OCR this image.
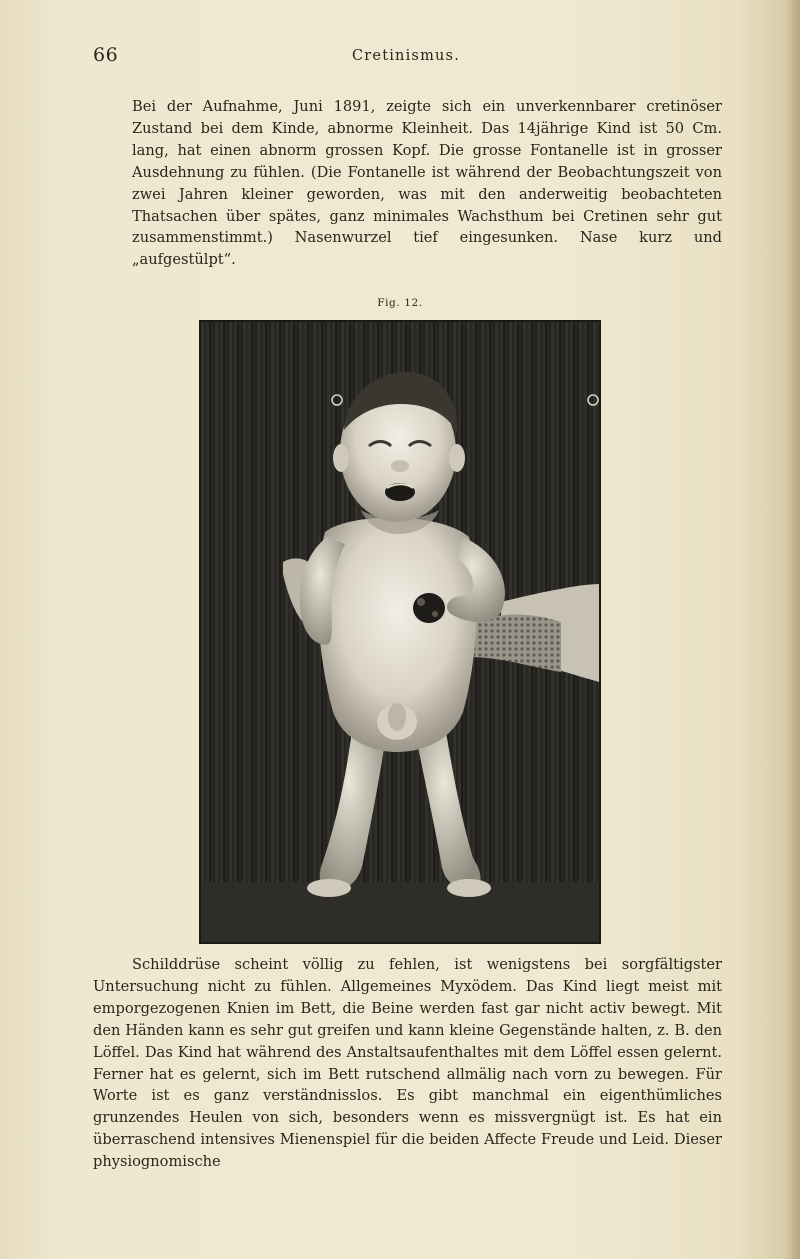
66	Cretinismus.

Bei der Aufnahme, Juni 1891, zeigte sich ein unverkennbarer cretinöser Zustand bei dem Kinde, abnorme Kleinheit. Das 14jährige Kind ist 50 Cm. lang, hat einen abnorm grossen Kopf. Die grosse Fontanelle ist in grosser Ausdehnung zu fühlen. (Die Fontanelle ist während der Beobachtungszeit von zwei Jahren kleiner geworden, was mit den anderweitig beobachteten Thatsachen über spätes, ganz minimales Wachsthum bei Cretinen sehr gut zusammenstimmt.) Nasenwurzel tief eingesunken. Nase kurz und „aufgestülpt“.

Fig. 12.

Schilddrüse scheint völlig zu fehlen, ist wenigstens bei sorgfältigster Untersuchung nicht zu fühlen. Allgemeines Myxödem. Das Kind liegt meist mit emporgezogenen Knien im Bett, die Beine werden fast gar nicht activ bewegt. Mit den Händen kann es sehr gut greifen und kann kleine Gegenstände halten, z. B. den Löffel. Das Kind hat während des Anstaltsaufenthaltes mit dem Löffel essen gelernt. Ferner hat es gelernt, sich im Bett rutschend allmälig nach vorn zu bewegen. Für Worte ist es ganz verständnisslos. Es gibt manchmal ein eigenthümliches grunzendes Heulen von sich, besonders wenn es missvergnügt ist. Es hat ein überraschend intensives Mienenspiel für die beiden Affecte Freude und Leid. Dieser physiognomische
